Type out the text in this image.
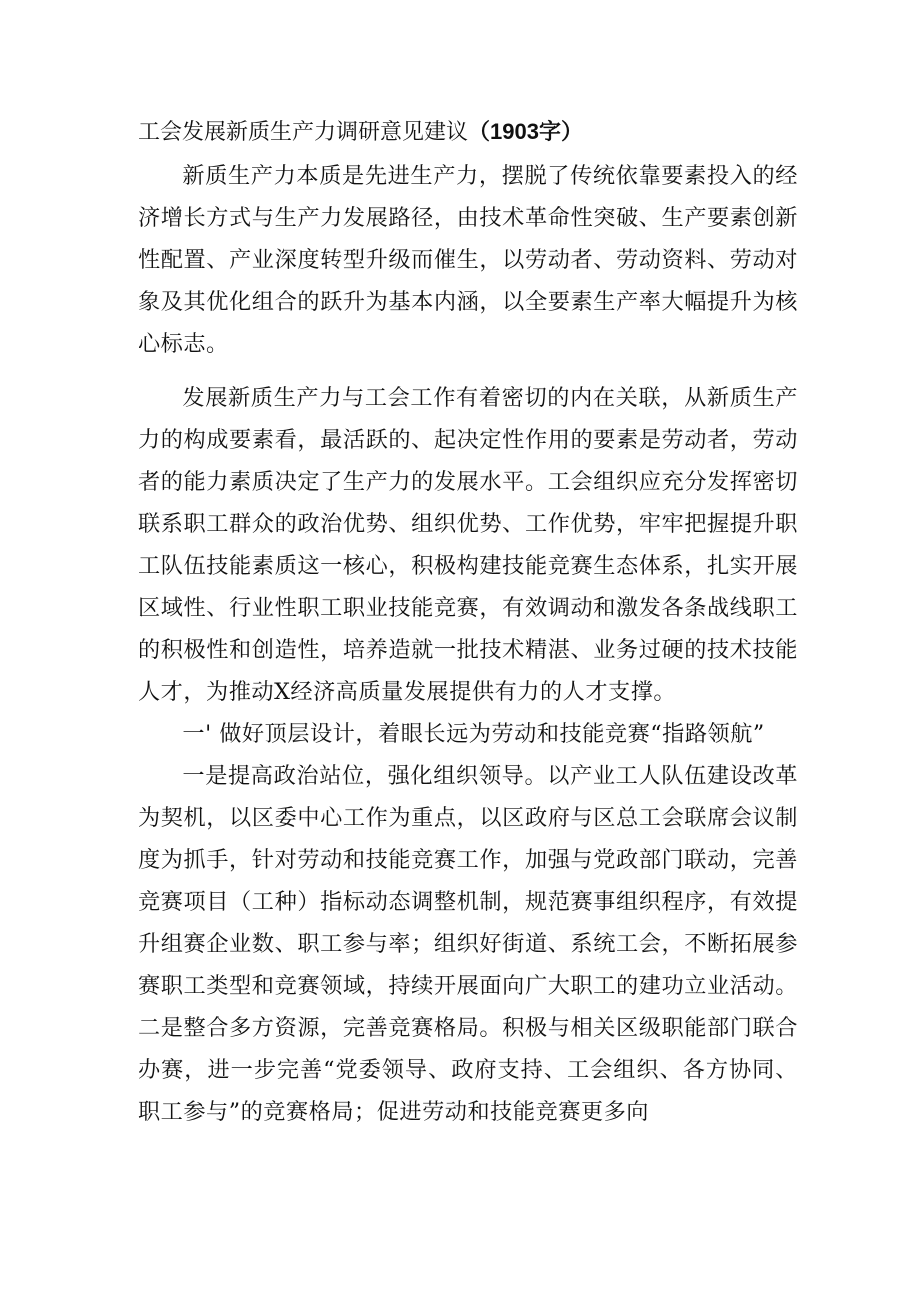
工会发展新质生产力调研意见建议（1903字）

新质生产力本质是先进生产力，摆脱了传统依靠要素投入的经济增长方式与生产力发展路径，由技术革命性突破、生产要素创新性配置、产业深度转型升级而催生，以劳动者、劳动资料、劳动对象及其优化组合的跃升为基本内涵，以全要素生产率大幅提升为核心标志。

发展新质生产力与工会工作有着密切的内在关联，从新质生产力的构成要素看，最活跃的、起决定性作用的要素是劳动者，劳动者的能力素质决定了生产力的发展水平。工会组织应充分发挥密切联系职工群众的政治优势、组织优势、工作优势，牢牢把握提升职工队伍技能素质这一核心，积极构建技能竞赛生态体系，扎实开展区域性、行业性职工职业技能竞赛，有效调动和激发各条战线职工的积极性和创造性，培养造就一批技术精湛、业务过硬的技术技能人才，为推动X经济高质量发展提供有力的人才支撑。

一' 做好顶层设计，着眼长远为劳动和技能竞赛“指路领航”

一是提高政治站位，强化组织领导。以产业工人队伍建设改革为契机，以区委中心工作为重点，以区政府与区总工会联席会议制度为抓手，针对劳动和技能竞赛工作，加强与党政部门联动，完善竞赛项目（工种）指标动态调整机制，规范赛事组织程序，有效提升组赛企业数、职工参与率；组织好街道、系统工会，不断拓展参赛职工类型和竞赛领域，持续开展面向广大职工的建功立业活动。二是整合多方资源，完善竞赛格局。积极与相关区级职能部门联合办赛，进一步完善“党委领导、政府支持、工会组织、各方协同、职工参与”的竞赛格局；促进劳动和技能竞赛更多向
